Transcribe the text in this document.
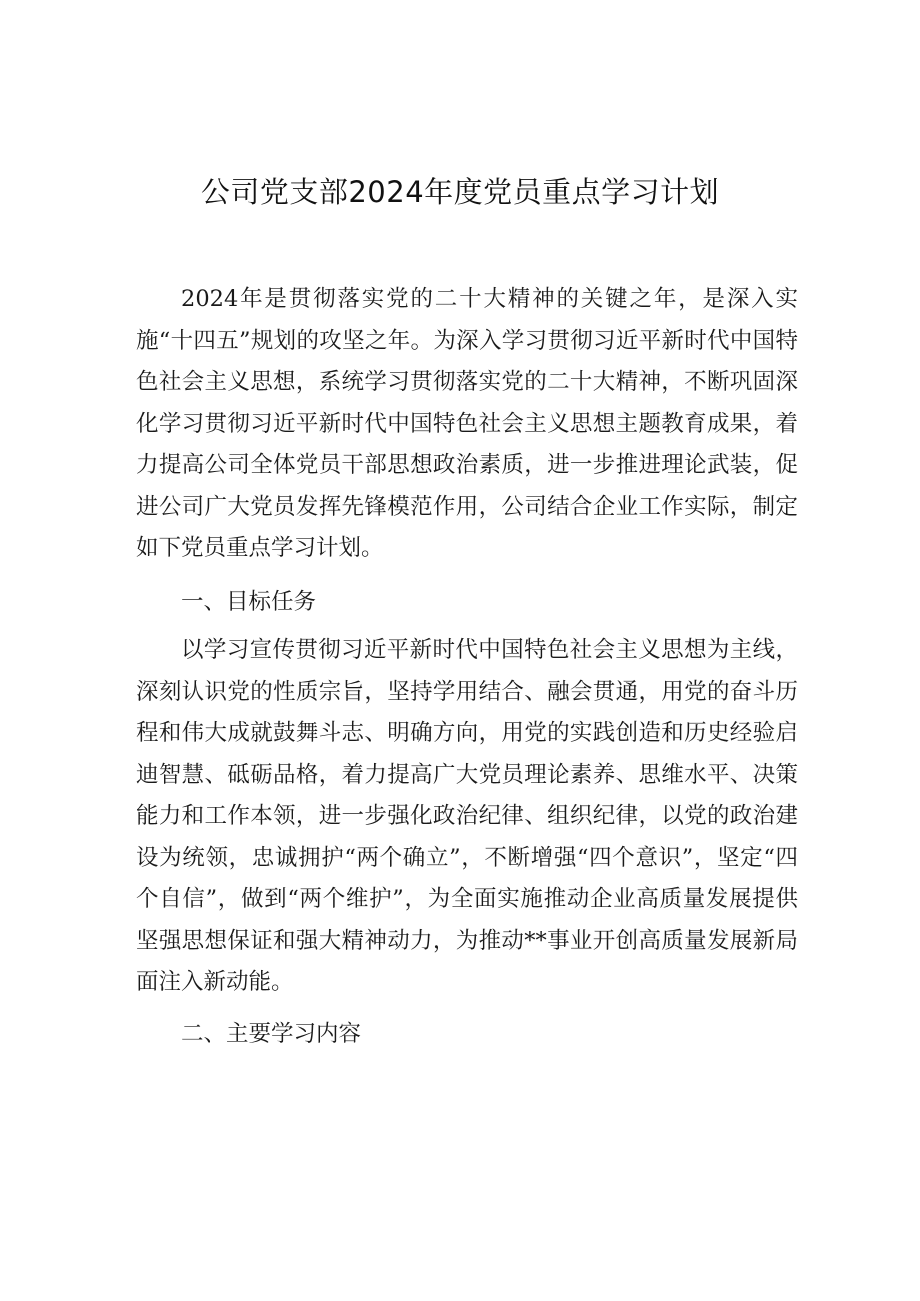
公司党支部2024年度党员重点学习计划

2024年是贯彻落实党的二十大精神的关键之年，是深入实施“十四五”规划的攻坚之年。为深入学习贯彻习近平新时代中国特色社会主义思想，系统学习贯彻落实党的二十大精神，不断巩固深化学习贯彻习近平新时代中国特色社会主义思想主题教育成果，着力提高公司全体党员干部思想政治素质，进一步推进理论武装，促进公司广大党员发挥先锋模范作用，公司结合企业工作实际，制定如下党员重点学习计划。

一、目标任务

以学习宣传贯彻习近平新时代中国特色社会主义思想为主线，深刻认识党的性质宗旨，坚持学用结合、融会贯通，用党的奋斗历程和伟大成就鼓舞斗志、明确方向，用党的实践创造和历史经验启迪智慧、砥砺品格，着力提高广大党员理论素养、思维水平、决策能力和工作本领，进一步强化政治纪律、组织纪律，以党的政治建设为统领，忠诚拥护“两个确立”，不断增强“四个意识”，坚定“四个自信”，做到“两个维护”，为全面实施推动企业高质量发展提供坚强思想保证和强大精神动力，为推动**事业开创高质量发展新局面注入新动能。

二、主要学习内容
